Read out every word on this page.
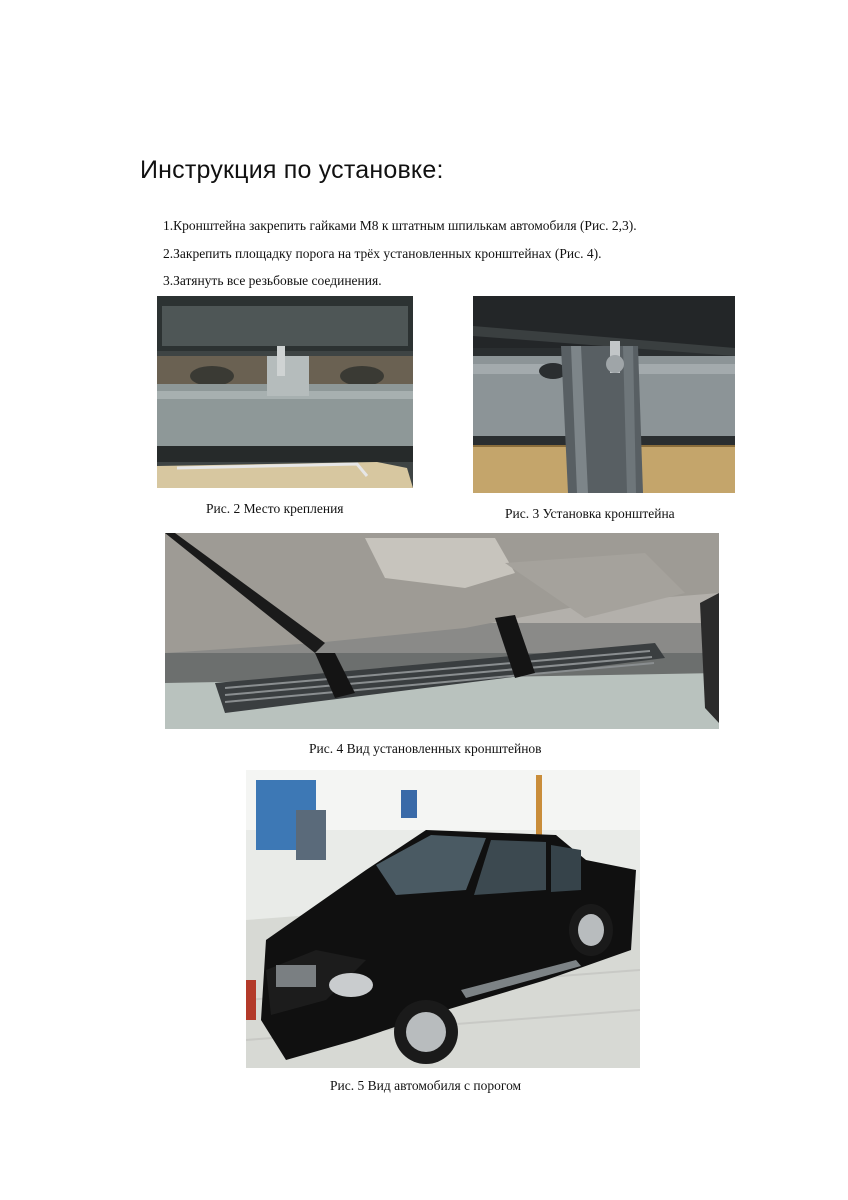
Инструкция по установке:
1.Кронштейна закрепить гайками М8 к штатным шпилькам автомобиля (Рис. 2,3).
2.Закрепить площадку порога на трёх установленных кронштейнах (Рис. 4).
3.Затянуть все резьбовые соединения.
Рис. 2 Место крепления	Рис. 3 Установка кронштейна
Рис. 4 Вид установленных кронштейнов
Рис. 5 Вид автомобиля с порогом
